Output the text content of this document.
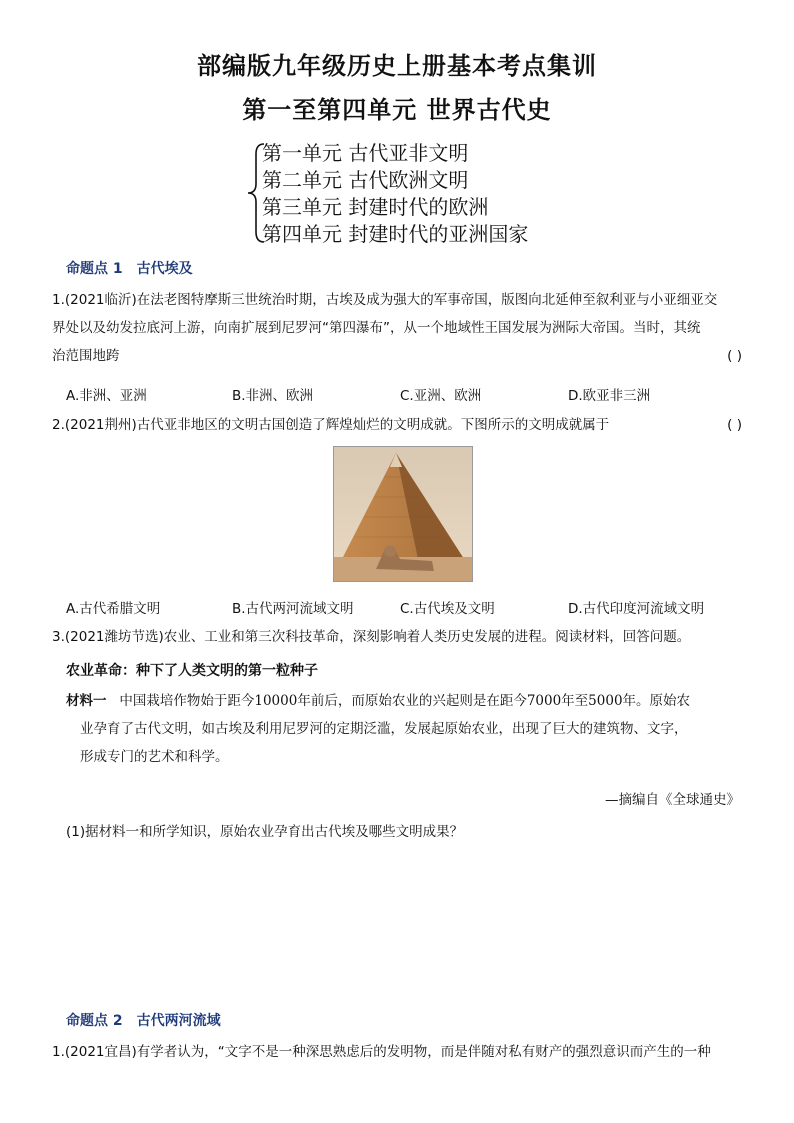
部编版九年级历史上册基本考点集训
第一至第四单元 世界古代史
第一单元 古代亚非文明
第二单元 古代欧洲文明
第三单元 封建时代的欧洲
第四单元 封建时代的亚洲国家
命题点 1 古代埃及
1.(2021临沂)在法老图特摩斯三世统治时期，古埃及成为强大的军事帝国，版图向北延伸至叙利亚与小亚细亚交
界处以及幼发拉底河上游，向南扩展到尼罗河“第四瀑布”，从一个地域性王国发展为洲际大帝国。当时，其统
治范围地跨	( )
A.非洲、亚洲	B.非洲、欧洲	C.亚洲、欧洲	D.欧亚非三洲
2.(2021荆州)古代亚非地区的文明古国创造了辉煌灿烂的文明成就。下图所示的文明成就属于	( )
A.古代希腊文明	B.古代两河流域文明	C.古代埃及文明	D.古代印度河流域文明
3.(2021潍坊节选)农业、工业和第三次科技革命，深刻影响着人类历史发展的进程。阅读材料，回答问题。
农业革命：种下了人类文明的第一粒种子
材料一 中国栽培作物始于距今10000年前后，而原始农业的兴起则是在距今7000年至5000年。原始农
业孕育了古代文明，如古埃及利用尼罗河的定期泛滥，发展起原始农业，出现了巨大的建筑物、文字，
形成专门的艺术和科学。
—摘编自《全球通史》
(1)据材料一和所学知识，原始农业孕育出古代埃及哪些文明成果？
命题点 2 古代两河流域
1.(2021宜昌)有学者认为，“文字不是一种深思熟虑后的发明物，而是伴随对私有财产的强烈意识而产生的一种
